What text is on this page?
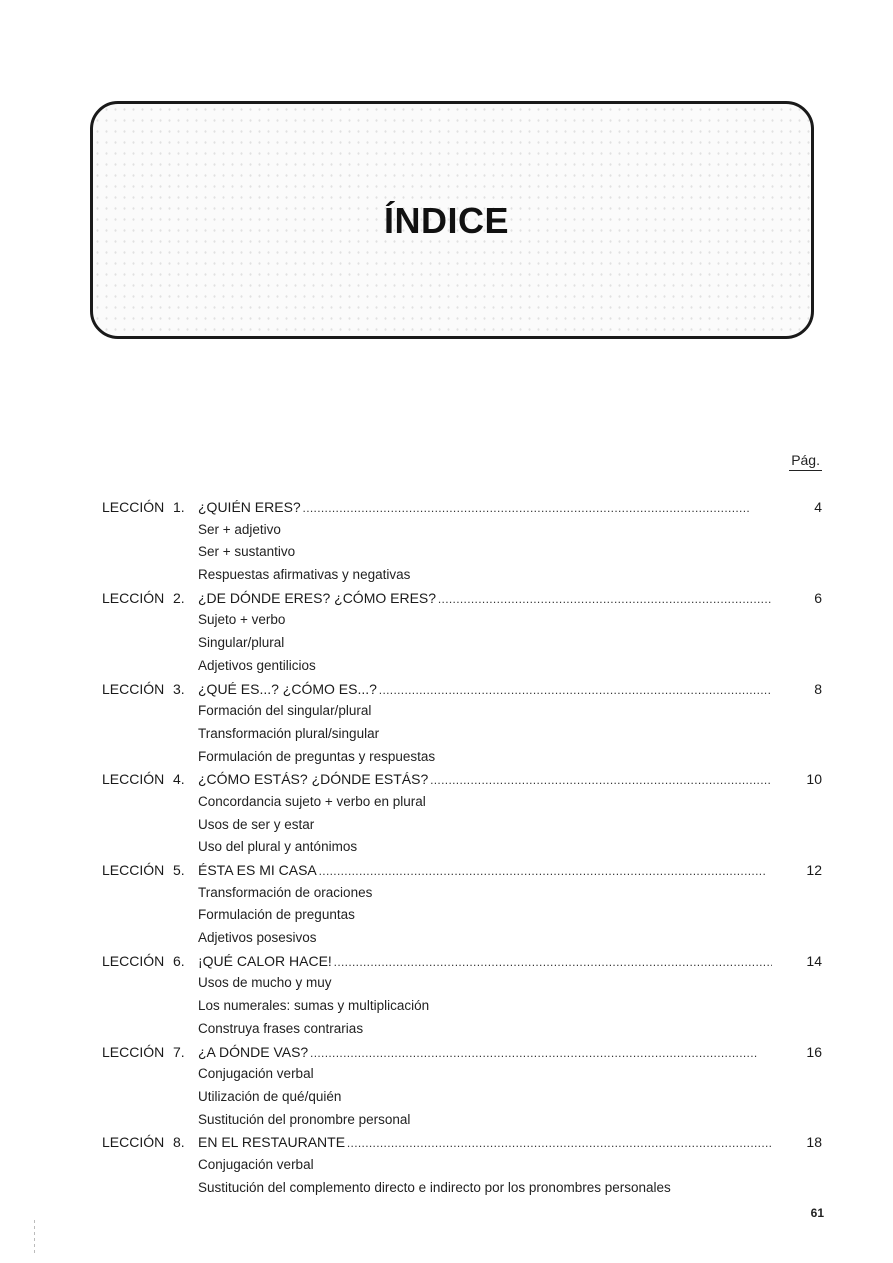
ÍNDICE
Pág.
LECCIÓN 1. ¿QUIÉN ERES? . . .	4
Ser + adjetivo
Ser + sustantivo
Respuestas afirmativas y negativas
LECCIÓN 2. ¿DE DÓNDE ERES? ¿CÓMO ERES? . . .	6
Sujeto + verbo
Singular/plural
Adjetivos gentilicios
LECCIÓN 3. ¿QUÉ ES...? ¿CÓMO ES...? . . .	8
Formación del singular/plural
Transformación plural/singular
Formulación de preguntas y respuestas
LECCIÓN 4. ¿CÓMO ESTÁS? ¿DÓNDE ESTÁS? . . .	10
Concordancia sujeto + verbo en plural
Usos de ser y estar
Uso del plural y antónimos
LECCIÓN 5. ÉSTA ES MI CASA . . .	12
Transformación de oraciones
Formulación de preguntas
Adjetivos posesivos
LECCIÓN 6. ¡QUÉ CALOR HACE! . . .	14
Usos de mucho y muy
Los numerales: sumas y multiplicación
Construya frases contrarias
LECCIÓN 7. ¿A DÓNDE VAS? . . .	16
Conjugación verbal
Utilización de qué/quién
Sustitución del pronombre personal
LECCIÓN 8. EN EL RESTAURANTE . . .	18
Conjugación verbal
Sustitución del complemento directo e indirecto por los pronombres personales
61
